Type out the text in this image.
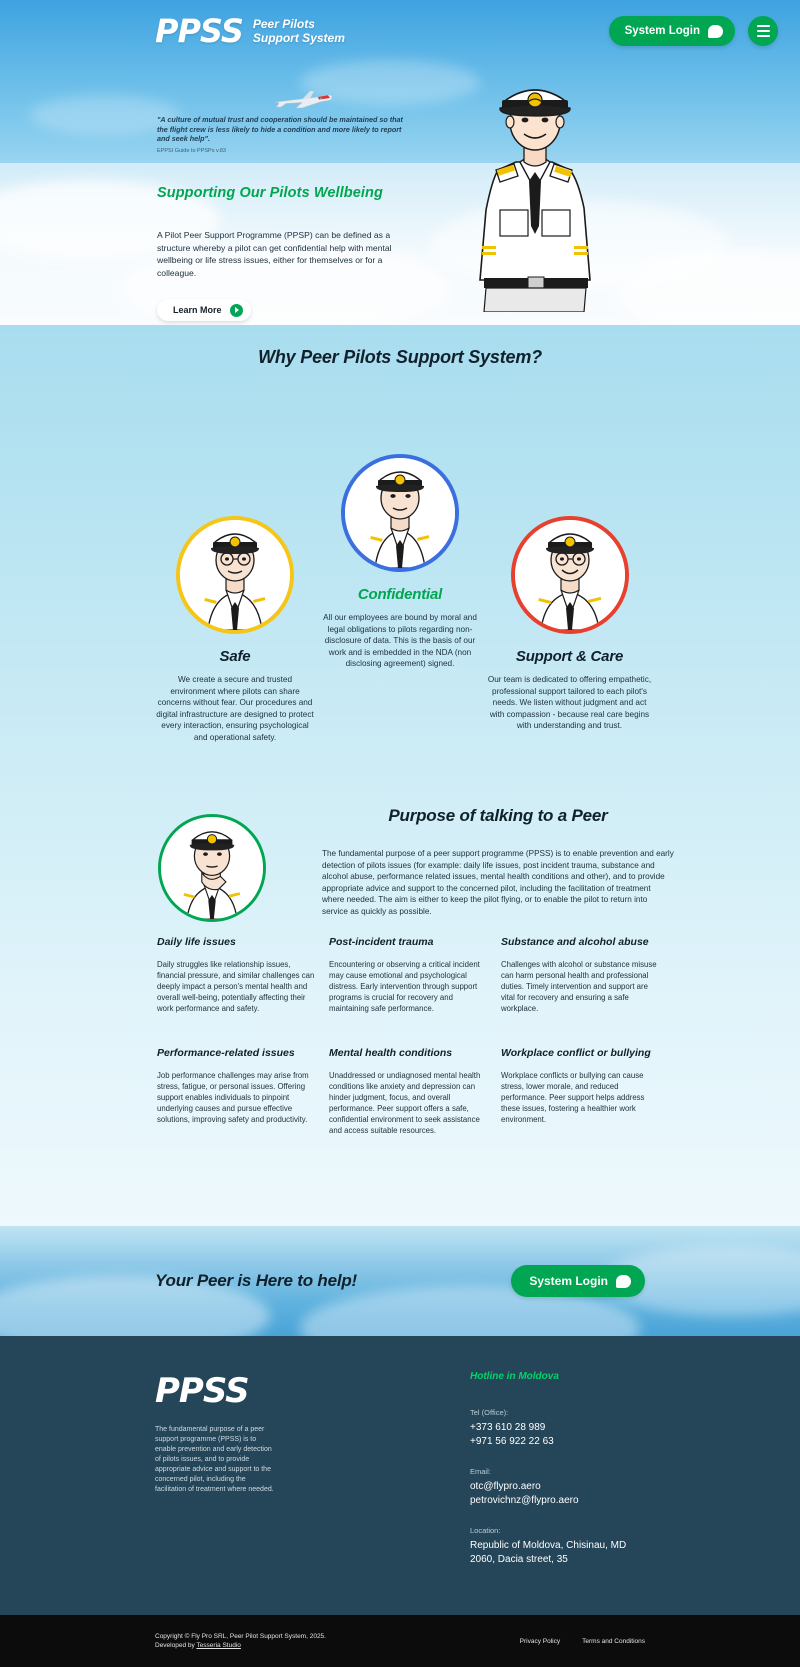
PPSS Peer Pilots
Support System	System Login

"A culture of mutual trust and cooperation should be maintained so that the flight crew is less likely to hide a condition and more likely to report and seek help".

EPPSI Guide to PPSPs v.83

Supporting Our Pilots Wellbeing

A Pilot Peer Support Programme (PPSP) can be defined as a structure whereby a pilot can get confidential help with mental wellbeing or life stress issues, either for themselves or for a colleague.

Learn More
Why Peer Pilots Support System?
Confidential

All our employees are bound by moral and legal obligations to pilots regarding non-disclosure of data. This is the basis of our work and is embedded in the NDA (non disclosing agreement) signed.

Safe

We create a secure and trusted environment where pilots can share concerns without fear. Our procedures and digital infrastructure are designed to protect every interaction, ensuring psychological and operational safety.

Support & Care

Our team is dedicated to offering empathetic, professional support tailored to each pilot's needs. We listen without judgment and act with compassion - because real care begins with understanding and trust.

Purpose of talking to a Peer

The fundamental purpose of a peer support programme (PPSS) is to enable prevention and early detection of pilots issues (for example: daily life issues, post incident trauma, substance and alcohol abuse, performance related issues, mental health conditions and other), and to provide appropriate advice and support to the concerned pilot, including the facilitation of treatment where needed. The aim is either to keep the pilot flying, or to enable the pilot to return into service as quickly as possible.

Daily life issues

Daily struggles like relationship issues, financial pressure, and similar challenges can deeply impact a person's mental health and overall well-being, potentially affecting their work performance and safety.

Post-incident trauma

Encountering or observing a critical incident may cause emotional and psychological distress. Early intervention through support programs is crucial for recovery and maintaining safe performance.

Substance and alcohol abuse

Challenges with alcohol or substance misuse can harm personal health and professional duties. Timely intervention and support are vital for recovery and ensuring a safe workplace.

Performance-related issues

Job performance challenges may arise from stress, fatigue, or personal issues. Offering support enables individuals to pinpoint underlying causes and pursue effective solutions, improving safety and productivity.

Mental health conditions

Unaddressed or undiagnosed mental health conditions like anxiety and depression can hinder judgment, focus, and overall performance. Peer support offers a safe, confidential environment to seek assistance and access suitable resources.

Workplace conflict or bullying

Workplace conflicts or bullying can cause stress, lower morale, and reduced performance. Peer support helps address these issues, fostering a healthier work environment.

Your Peer is Here to help!	System Login
PPSS

The fundamental purpose of a peer support programme (PPSS) is to enable prevention and early detection of pilots issues, and to provide appropriate advice and support to the concerned pilot, including the facilitation of treatment where needed.

Hotline in Moldova
Tel (Office):
+373 610 28 989
+971 56 922 22 63
Email:
otc@flypro.aero
petrovichnz@flypro.aero
Location:
Republic of Moldova, Chisinau, MD 2060, Dacia street, 35
Copyright © Fly Pro SRL, Peer Pilot Support System, 2025.
Developed by Tesseria Studio
Privacy Policy	Terms and Conditions
